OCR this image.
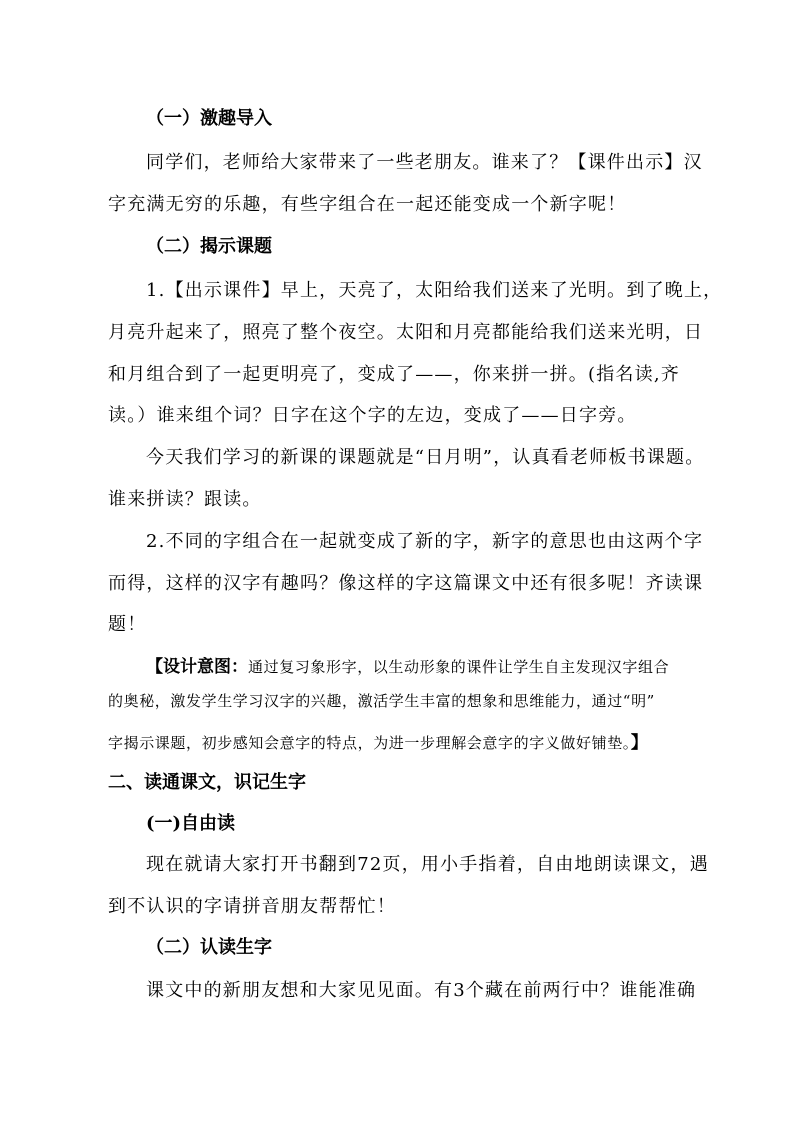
（一）激趣导入
同学们，老师给大家带来了一些老朋友。谁来了？【课件出示】汉
字充满无穷的乐趣，有些字组合在一起还能变成一个新字呢！
（二）揭示课题
1.【出示课件】早上，天亮了，太阳给我们送来了光明。到了晚上，
月亮升起来了，照亮了整个夜空。太阳和月亮都能给我们送来光明，日
和月组合到了一起更明亮了，变成了——，你来拼一拼。(指名读,齐
读。）谁来组个词？日字在这个字的左边，变成了——日字旁。
今天我们学习的新课的课题就是“日月明”，认真看老师板书课题。
谁来拼读？跟读。
2.不同的字组合在一起就变成了新的字，新字的意思也由这两个字
而得，这样的汉字有趣吗？像这样的字这篇课文中还有很多呢！齐读课
题！
【设计意图：通过复习象形字，以生动形象的课件让学生自主发现汉字组合
的奥秘，激发学生学习汉字的兴趣，激活学生丰富的想象和思维能力，通过“明”
字揭示课题，初步感知会意字的特点，为进一步理解会意字的字义做好铺垫。】
二、读通课文，识记生字
(一)自由读
现在就请大家打开书翻到72页，用小手指着，自由地朗读课文，遇
到不认识的字请拼音朋友帮帮忙！
（二）认读生字
课文中的新朋友想和大家见见面。有3个藏在前两行中？谁能准确
